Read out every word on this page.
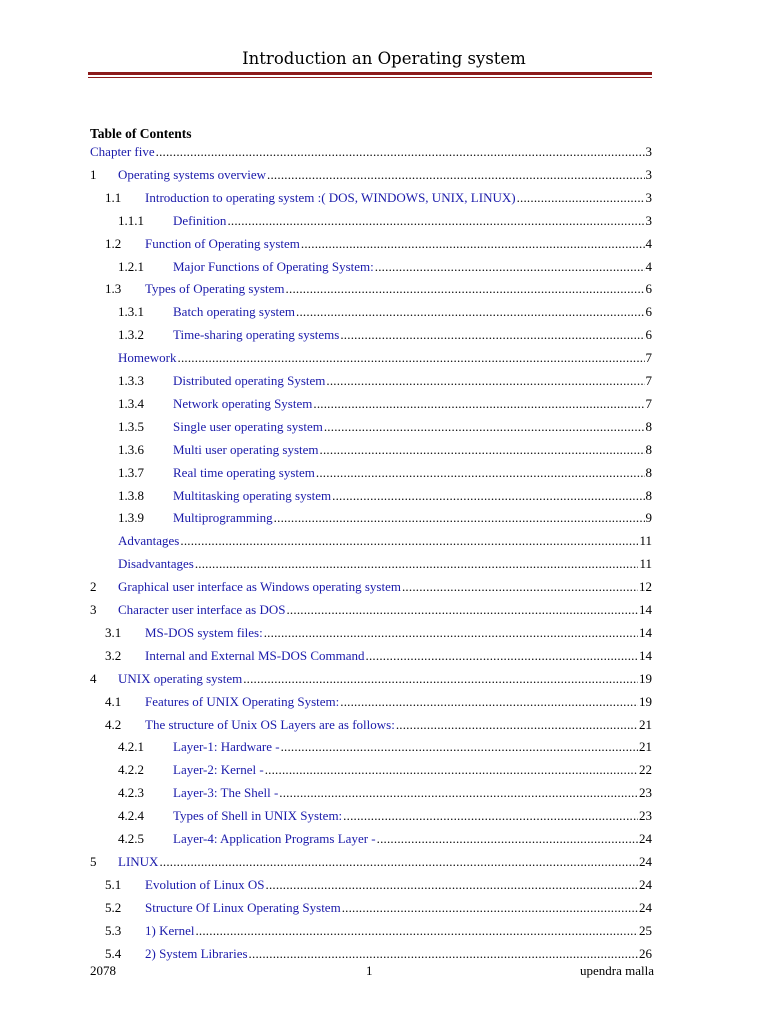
Introduction an Operating system
Table of Contents
Chapter five .....	3
1 Operating systems overview .....	3
1.1 Introduction to operating system :( DOS, WINDOWS, UNIX, LINUX) .....	3
1.1.1 Definition .....	3
1.2 Function of Operating system .....	4
1.2.1 Major Functions of Operating System: .....	4
1.3 Types of Operating system .....	6
1.3.1 Batch operating system .....	6
1.3.2 Time-sharing operating systems .....	6
Homework .....	7
1.3.3 Distributed operating System .....	7
1.3.4 Network operating System .....	7
1.3.5 Single user operating system .....	8
1.3.6 Multi user operating system .....	8
1.3.7 Real time operating system .....	8
1.3.8 Multitasking operating system .....	8
1.3.9 Multiprogramming .....	9
Advantages .....	11
Disadvantages .....	11
2 Graphical user interface as Windows operating system .....	12
3 Character user interface as DOS .....	14
3.1 MS-DOS system files: .....	14
3.2 Internal and External MS-DOS Command .....	14
4 UNIX operating system .....	19
4.1 Features of UNIX Operating System: .....	19
4.2 The structure of Unix OS Layers are as follows: .....	21
4.2.1 Layer-1: Hardware - .....	21
4.2.2 Layer-2: Kernel - .....	22
4.2.3 Layer-3: The Shell - .....	23
4.2.4 Types of Shell in UNIX System: .....	23
4.2.5 Layer-4: Application Programs Layer - .....	24
5 LINUX .....	24
5.1 Evolution of Linux OS .....	24
5.2 Structure Of Linux Operating System .....	24
5.3 1) Kernel .....	25
5.4 2) System Libraries .....	26
2078	1	upendra malla
